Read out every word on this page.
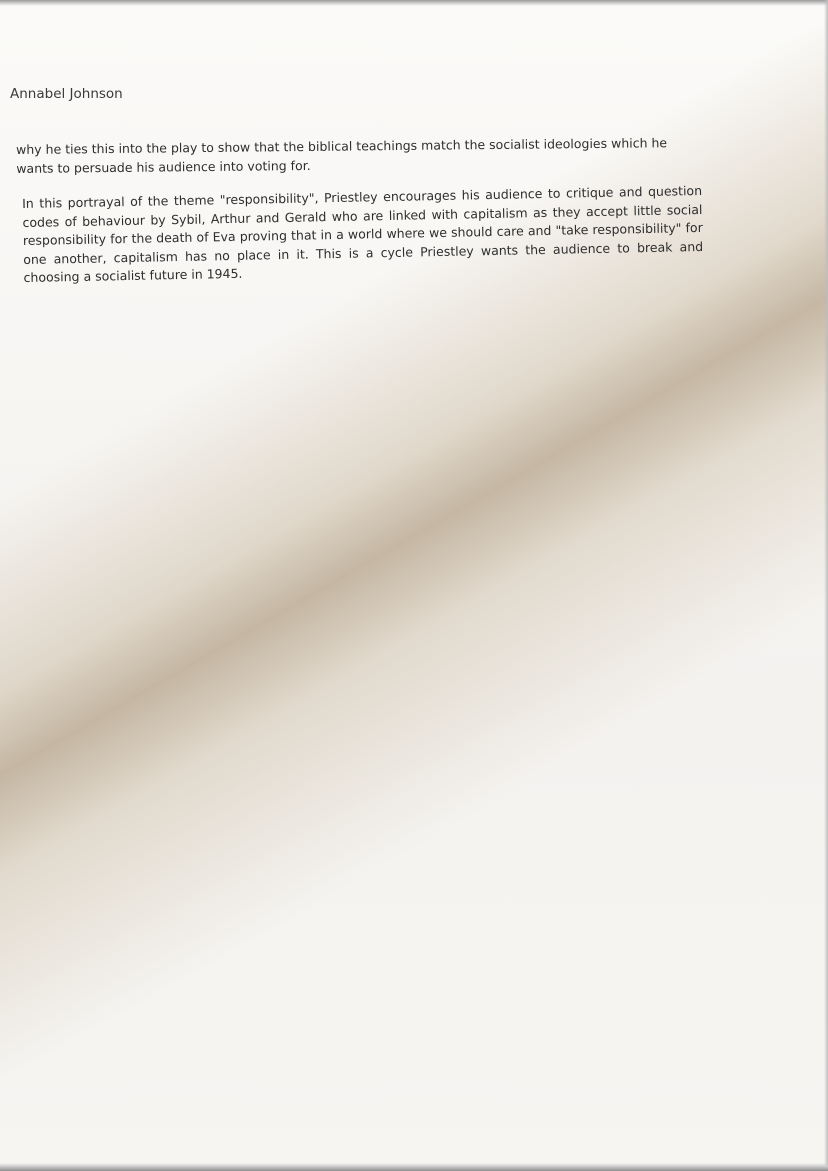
Annabel Johnson

why he ties this into the play to show that the biblical teachings match the socialist ideologies which he wants to persuade his audience into voting for.

In this portrayal of the theme "responsibility", Priestley encourages his audience to critique and question codes of behaviour by Sybil, Arthur and Gerald who are linked with capitalism as they accept little social responsibility for the death of Eva proving that in a world where we should care and "take responsibility" for one another, capitalism has no place in it. This is a cycle Priestley wants the audience to break and choosing a socialist future in 1945.
